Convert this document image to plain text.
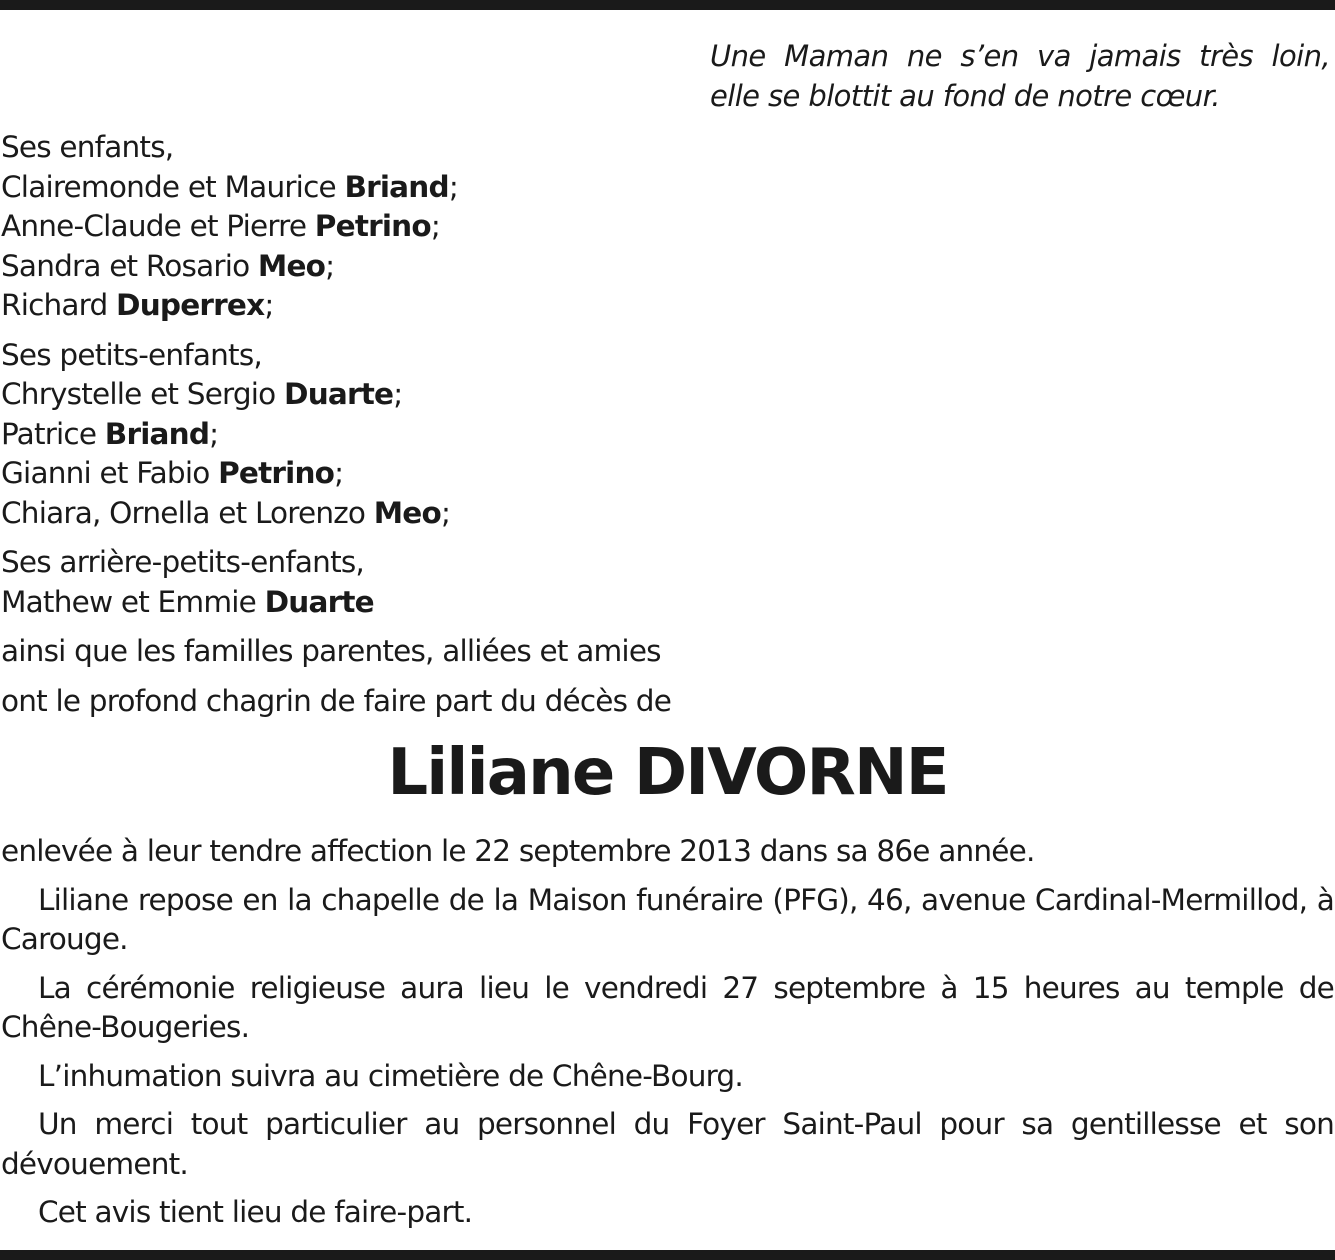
Une Maman ne s’en va jamais très loin,
elle se blottit au fond de notre cœur.
Ses enfants,
Clairemonde et Maurice Briand;
Anne-Claude et Pierre Petrino;
Sandra et Rosario Meo;
Richard Duperrex;
Ses petits-enfants,
Chrystelle et Sergio Duarte;
Patrice Briand;
Gianni et Fabio Petrino;
Chiara, Ornella et Lorenzo Meo;
Ses arrière-petits-enfants,
Mathew et Emmie Duarte
ainsi que les familles parentes, alliées et amies
ont le profond chagrin de faire part du décès de
Liliane DIVORNE

enlevée à leur tendre affection le 22 septembre 2013 dans sa 86e année.

Liliane repose en la chapelle de la Maison funéraire (PFG), 46, avenue Cardinal-Mermillod, à Carouge.

La cérémonie religieuse aura lieu le vendredi 27 septembre à 15 heures au temple de Chêne-Bougeries.

L’inhumation suivra au cimetière de Chêne-Bourg.

Un merci tout particulier au personnel du Foyer Saint-Paul pour sa gentillesse et son dévouement.

Cet avis tient lieu de faire-part.
